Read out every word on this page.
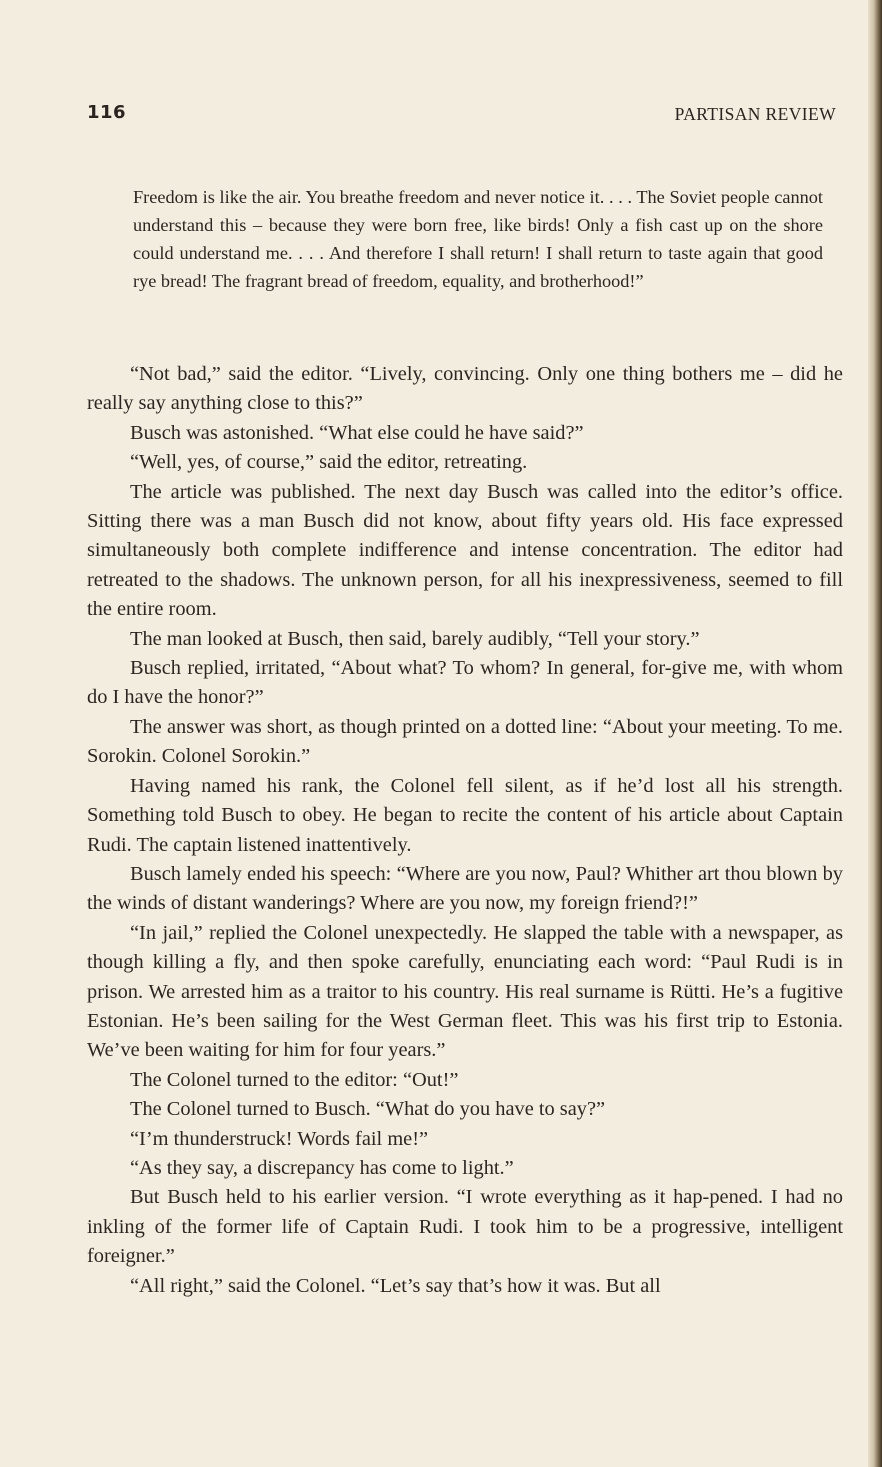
116	PARTISAN REVIEW

Freedom is like the air. You breathe freedom and never notice it. . . . The Soviet people cannot understand this – because they were born free, like birds! Only a fish cast up on the shore could understand me. . . . And therefore I shall return! I shall return to taste again that good rye bread! The fragrant bread of freedom, equality, and brotherhood!”

“Not bad,” said the editor. “Lively, convincing. Only one thing bothers me – did he really say anything close to this?”

Busch was astonished. “What else could he have said?”

“Well, yes, of course,” said the editor, retreating.

The article was published. The next day Busch was called into the editor’s office. Sitting there was a man Busch did not know, about fifty years old. His face expressed simultaneously both complete indifference and intense concentration. The editor had retreated to the shadows. The unknown person, for all his inexpressiveness, seemed to fill the entire room.

The man looked at Busch, then said, barely audibly, “Tell your story.”

Busch replied, irritated, “About what? To whom? In general, for-give me, with whom do I have the honor?”

The answer was short, as though printed on a dotted line: “About your meeting. To me. Sorokin. Colonel Sorokin.”

Having named his rank, the Colonel fell silent, as if he’d lost all his strength. Something told Busch to obey. He began to recite the content of his article about Captain Rudi. The captain listened inattentively.

Busch lamely ended his speech: “Where are you now, Paul? Whither art thou blown by the winds of distant wanderings? Where are you now, my foreign friend?!”

“In jail,” replied the Colonel unexpectedly. He slapped the table with a newspaper, as though killing a fly, and then spoke carefully, enunciating each word: “Paul Rudi is in prison. We arrested him as a traitor to his country. His real surname is Rütti. He’s a fugitive Estonian. He’s been sailing for the West German fleet. This was his first trip to Estonia. We’ve been waiting for him for four years.”

The Colonel turned to the editor: “Out!”

The Colonel turned to Busch. “What do you have to say?”

“I’m thunderstruck! Words fail me!”

“As they say, a discrepancy has come to light.”

But Busch held to his earlier version. “I wrote everything as it hap-pened. I had no inkling of the former life of Captain Rudi. I took him to be a progressive, intelligent foreigner.”

“All right,” said the Colonel. “Let’s say that’s how it was. But all
